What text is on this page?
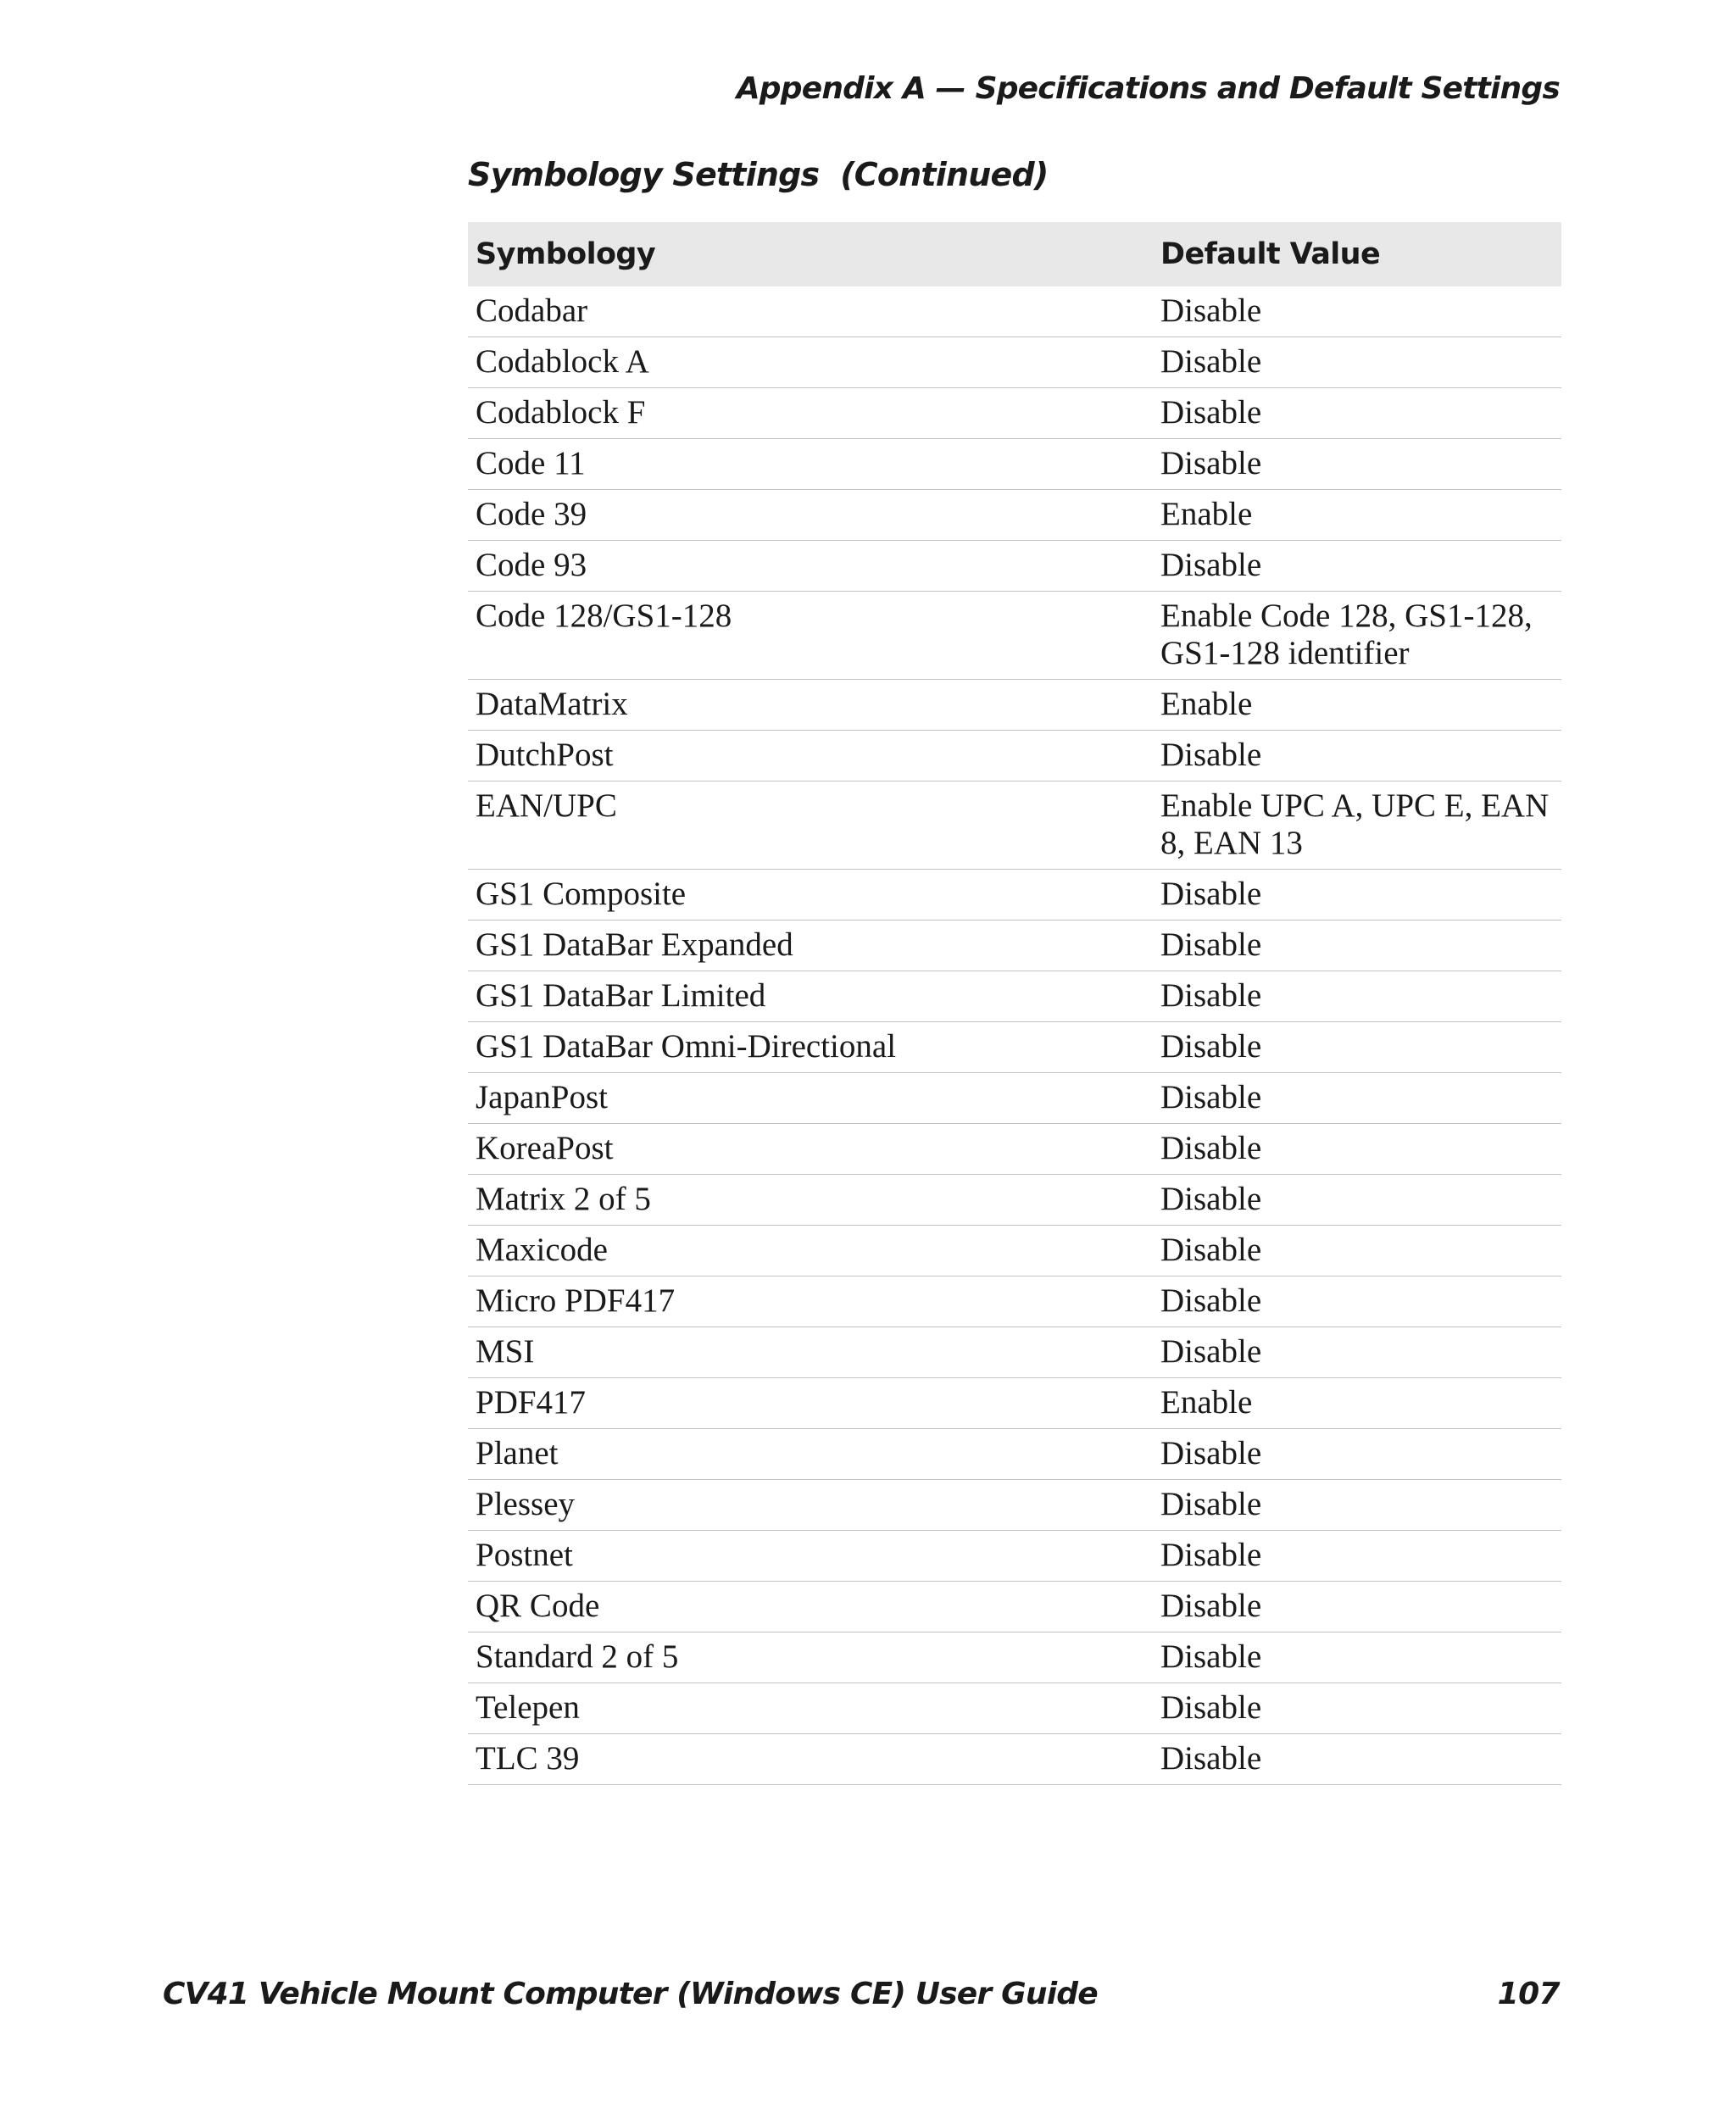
Appendix A — Specifications and Default Settings
Symbology Settings  (Continued)
Symbology	Default Value
Codabar	Disable
Codablock A	Disable
Codablock F	Disable
Code 11	Disable
Code 39	Enable
Code 93	Disable
Code 128/GS1-128	Enable Code 128, GS1-128, GS1-128 identifier
DataMatrix	Enable
DutchPost	Disable
EAN/UPC	Enable UPC A, UPC E, EAN 8, EAN 13
GS1 Composite	Disable
GS1 DataBar Expanded	Disable
GS1 DataBar Limited	Disable
GS1 DataBar Omni-Directional	Disable
JapanPost	Disable
KoreaPost	Disable
Matrix 2 of 5	Disable
Maxicode	Disable
Micro PDF417	Disable
MSI	Disable
PDF417	Enable
Planet	Disable
Plessey	Disable
Postnet	Disable
QR Code	Disable
Standard 2 of 5	Disable
Telepen	Disable
TLC 39	Disable
CV41 Vehicle Mount Computer (Windows CE) User Guide	107
